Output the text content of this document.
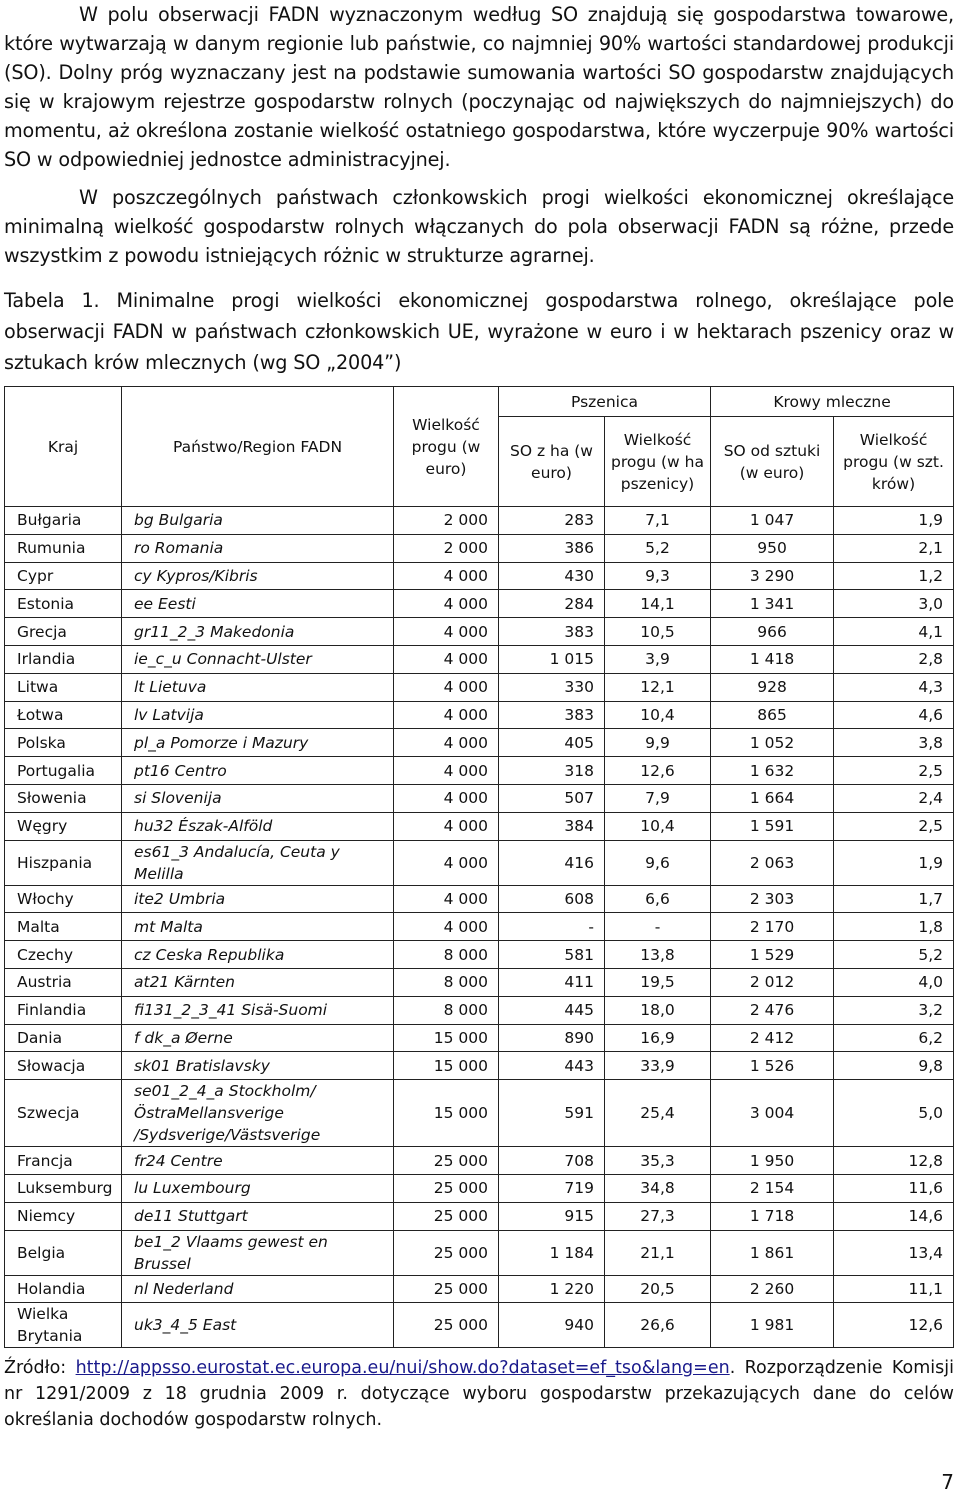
W polu obserwacji FADN wyznaczonym według SO znajdują się gospodarstwa towarowe, które wytwarzają w danym regionie lub państwie, co najmniej 90% wartości standardowej produkcji (SO). Dolny próg wyznaczany jest na podstawie sumowania wartości SO gospodarstw znajdujących się w krajowym rejestrze gospodarstw rolnych (poczynając od największych do najmniejszych) do momentu, aż określona zostanie wielkość ostatniego gospodarstwa, które wyczerpuje 90% wartości SO w odpowiedniej jednostce administracyjnej.
W poszczególnych państwach członkowskich progi wielkości ekonomicznej określające minimalną wielkość gospodarstw rolnych włączanych do pola obserwacji FADN są różne, przede wszystkim z powodu istniejących różnic w strukturze agrarnej.
Tabela 1. Minimalne progi wielkości ekonomicznej gospodarstwa rolnego, określające pole obserwacji FADN w państwach członkowskich UE, wyrażone w euro i w hektarach pszenicy oraz w sztukach krów mlecznych (wg SO „2004”)
Kraj	Państwo/Region FADN	Wielkość progu (w euro)	Pszenica		Krowy mleczne	
			SO z ha (w euro)	Wielkość progu (w ha pszenicy)	SO od sztuki (w euro)	Wielkość progu (w szt. krów)
Bułgaria	bg Bulgaria	2 000	283	7,1	1 047	1,9
Rumunia	ro Romania	2 000	386	5,2	950	2,1
Cypr	cy Kypros/Kibris	4 000	430	9,3	3 290	1,2
Estonia	ee Eesti	4 000	284	14,1	1 341	3,0
Grecja	gr11_2_3 Makedonia	4 000	383	10,5	966	4,1
Irlandia	ie_c_u Connacht-Ulster	4 000	1 015	3,9	1 418	2,8
Litwa	lt Lietuva	4 000	330	12,1	928	4,3
Łotwa	lv Latvija	4 000	383	10,4	865	4,6
Polska	pl_a Pomorze i Mazury	4 000	405	9,9	1 052	3,8
Portugalia	pt16 Centro	4 000	318	12,6	1 632	2,5
Słowenia	si Slovenija	4 000	507	7,9	1 664	2,4
Węgry	hu32 Észak-Alföld	4 000	384	10,4	1 591	2,5
Hiszpania	es61_3 Andalucía, Ceuta y Melilla	4 000	416	9,6	2 063	1,9
Włochy	ite2 Umbria	4 000	608	6,6	2 303	1,7
Malta	mt Malta	4 000	-	-	2 170	1,8
Czechy	cz Ceska Republika	8 000	581	13,8	1 529	5,2
Austria	at21 Kärnten	8 000	411	19,5	2 012	4,0
Finlandia	fi131_2_3_41 Sisä-Suomi	8 000	445	18,0	2 476	3,2
Dania	f dk_a Øerne	15 000	890	16,9	2 412	6,2
Słowacja	sk01 Bratislavsky	15 000	443	33,9	1 526	9,8
Szwecja	se01_2_4_a Stockholm/ ÖstraMellansverige /Sydsverige/Västsverige	15 000	591	25,4	3 004	5,0
Francja	fr24 Centre	25 000	708	35,3	1 950	12,8
Luksemburg	lu Luxembourg	25 000	719	34,8	2 154	11,6
Niemcy	de11 Stuttgart	25 000	915	27,3	1 718	14,6
Belgia	be1_2 Vlaams gewest en Brussel	25 000	1 184	21,1	1 861	13,4
Holandia	nl Nederland	25 000	1 220	20,5	2 260	11,1
Wielka Brytania	uk3_4_5 East	25 000	940	26,6	1 981	12,6
Źródło: http://appsso.eurostat.ec.europa.eu/nui/show.do?dataset=ef_tso&lang=en. Rozporządzenie Komisji nr 1291/2009 z 18 grudnia 2009 r. dotyczące wyboru gospodarstw przekazujących dane do celów określania dochodów gospodarstw rolnych.
7
